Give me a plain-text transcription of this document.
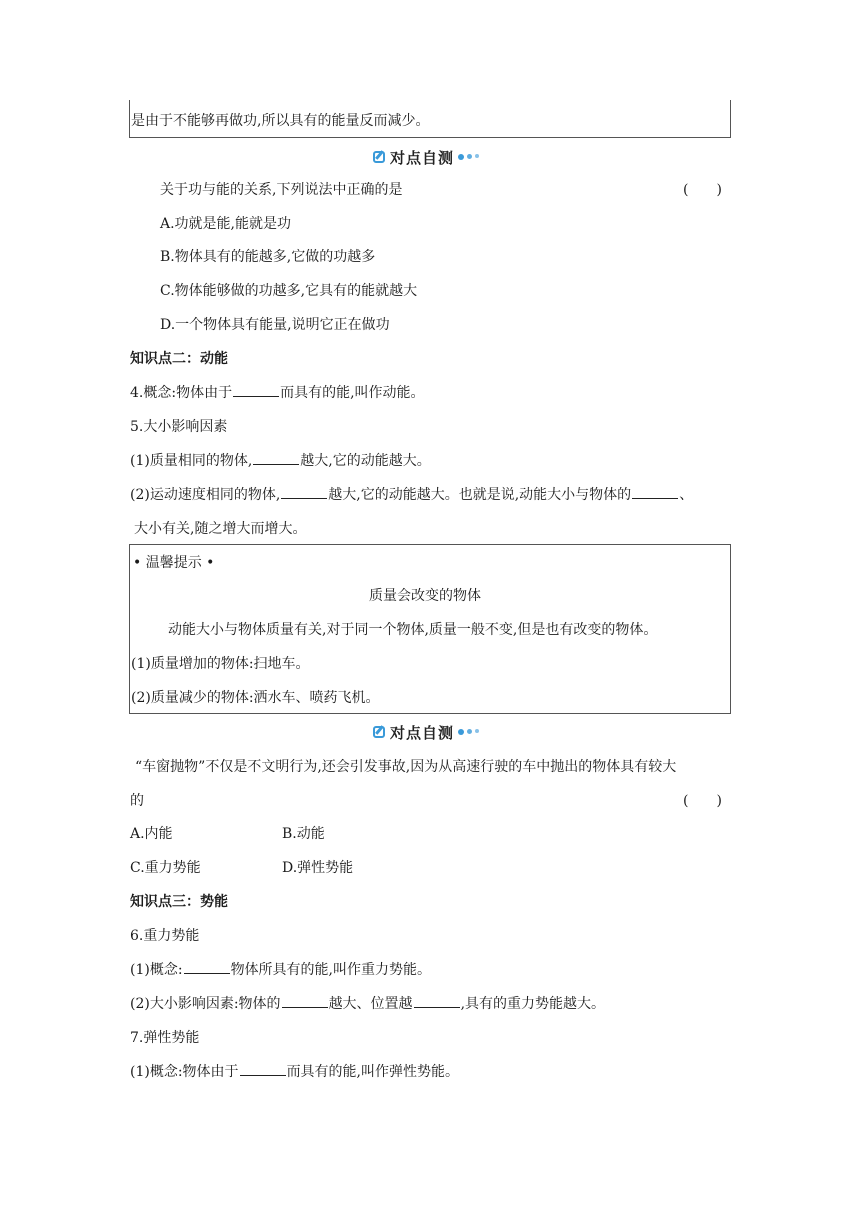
是由于不能够再做功,所以具有的能量反而减少。
对点自测
关于功与能的关系,下列说法中正确的是	(　　)
A.功就是能,能就是功
B.物体具有的能越多,它做的功越多
C.物体能够做的功越多,它具有的能就越大
D.一个物体具有能量,说明它正在做功
知识点二：动能
4.概念:物体由于	而具有的能,叫作动能。
5.大小影响因素
(1)质量相同的物体,	越大,它的动能越大。
(2)运动速度相同的物体,	越大,它的动能越大。也就是说,动能大小与物体的	、
大小有关,随之增大而增大。
• 温馨提示 •
质量会改变的物体
动能大小与物体质量有关,对于同一个物体,质量一般不变,但是也有改变的物体。
(1)质量增加的物体:扫地车。
(2)质量减少的物体:洒水车、喷药飞机。
对点自测
“车窗抛物”不仅是不文明行为,还会引发事故,因为从高速行驶的车中抛出的物体具有较大
的	(　　)
A.内能	B.动能
C.重力势能	D.弹性势能
知识点三：势能
6.重力势能
(1)概念:	物体所具有的能,叫作重力势能。
(2)大小影响因素:物体的	越大、位置越	,具有的重力势能越大。
7.弹性势能
(1)概念:物体由于	而具有的能,叫作弹性势能。
